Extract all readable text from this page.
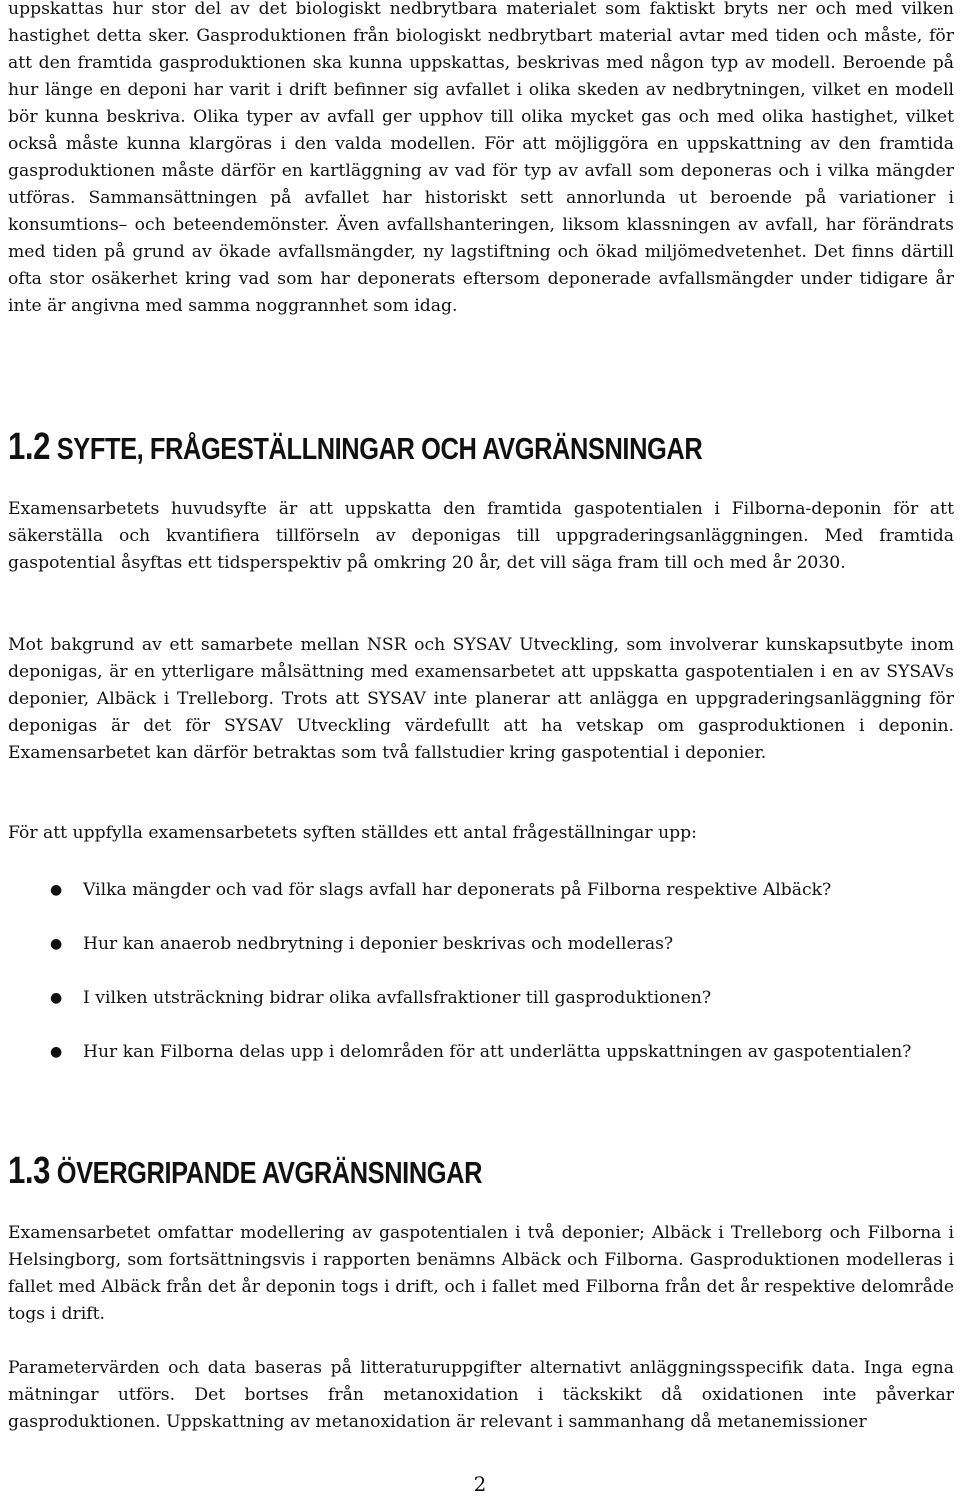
uppskattas hur stor del av det biologiskt nedbrytbara materialet som faktiskt bryts ner och med vilken hastighet detta sker. Gasproduktionen från biologiskt nedbrytbart material avtar med tiden och måste, för att den framtida gasproduktionen ska kunna uppskattas, beskrivas med någon typ av modell. Beroende på hur länge en deponi har varit i drift befinner sig avfallet i olika skeden av nedbrytningen, vilket en modell bör kunna beskriva. Olika typer av avfall ger upphov till olika mycket gas och med olika hastighet, vilket också måste kunna klargöras i den valda modellen. För att möjliggöra en uppskattning av den framtida gasproduktionen måste därför en kartläggning av vad för typ av avfall som deponeras och i vilka mängder utföras. Sammansättningen på avfallet har historiskt sett annorlunda ut beroende på variationer i konsumtions– och beteendemönster. Även avfallshanteringen, liksom klassningen av avfall, har förändrats med tiden på grund av ökade avfallsmängder, ny lagstiftning och ökad miljömedvetenhet. Det finns därtill ofta stor osäkerhet kring vad som har deponerats eftersom deponerade avfallsmängder under tidigare år inte är angivna med samma noggrannhet som idag.

1.2 SYFTE, FRÅGESTÄLLNINGAR OCH AVGRÄNSNINGAR

Examensarbetets huvudsyfte är att uppskatta den framtida gaspotentialen i Filborna-deponin för att säkerställa och kvantifiera tillförseln av deponigas till uppgraderingsanläggningen. Med framtida gaspotential åsyftas ett tidsperspektiv på omkring 20 år, det vill säga fram till och med år 2030.

Mot bakgrund av ett samarbete mellan NSR och SYSAV Utveckling, som involverar kunskapsutbyte inom deponigas, är en ytterligare målsättning med examensarbetet att uppskatta gaspotentialen i en av SYSAVs deponier, Albäck i Trelleborg. Trots att SYSAV inte planerar att anlägga en uppgraderingsanläggning för deponigas är det för SYSAV Utveckling värdefullt att ha vetskap om gasproduktionen i deponin. Examensarbetet kan därför betraktas som två fallstudier kring gaspotential i deponier.

För att uppfylla examensarbetets syften ställdes ett antal frågeställningar upp:

● Vilka mängder och vad för slags avfall har deponerats på Filborna respektive Albäck?
● Hur kan anaerob nedbrytning i deponier beskrivas och modelleras?
● I vilken utsträckning bidrar olika avfallsfraktioner till gasproduktionen?
● Hur kan Filborna delas upp i delområden för att underlätta uppskattningen av gaspotentialen?
1.3 ÖVERGRIPANDE AVGRÄNSNINGAR

Examensarbetet omfattar modellering av gaspotentialen i två deponier; Albäck i Trelleborg och Filborna i Helsingborg, som fortsättningsvis i rapporten benämns Albäck och Filborna. Gasproduktionen modelleras i fallet med Albäck från det år deponin togs i drift, och i fallet med Filborna från det år respektive delområde togs i drift.

Parametervärden och data baseras på litteraturuppgifter alternativt anläggningsspecifik data. Inga egna mätningar utförs. Det bortses från metanoxidation i täckskikt då oxidationen inte påverkar gasproduktionen. Uppskattning av metanoxidation är relevant i sammanhang då metanemissioner

2
